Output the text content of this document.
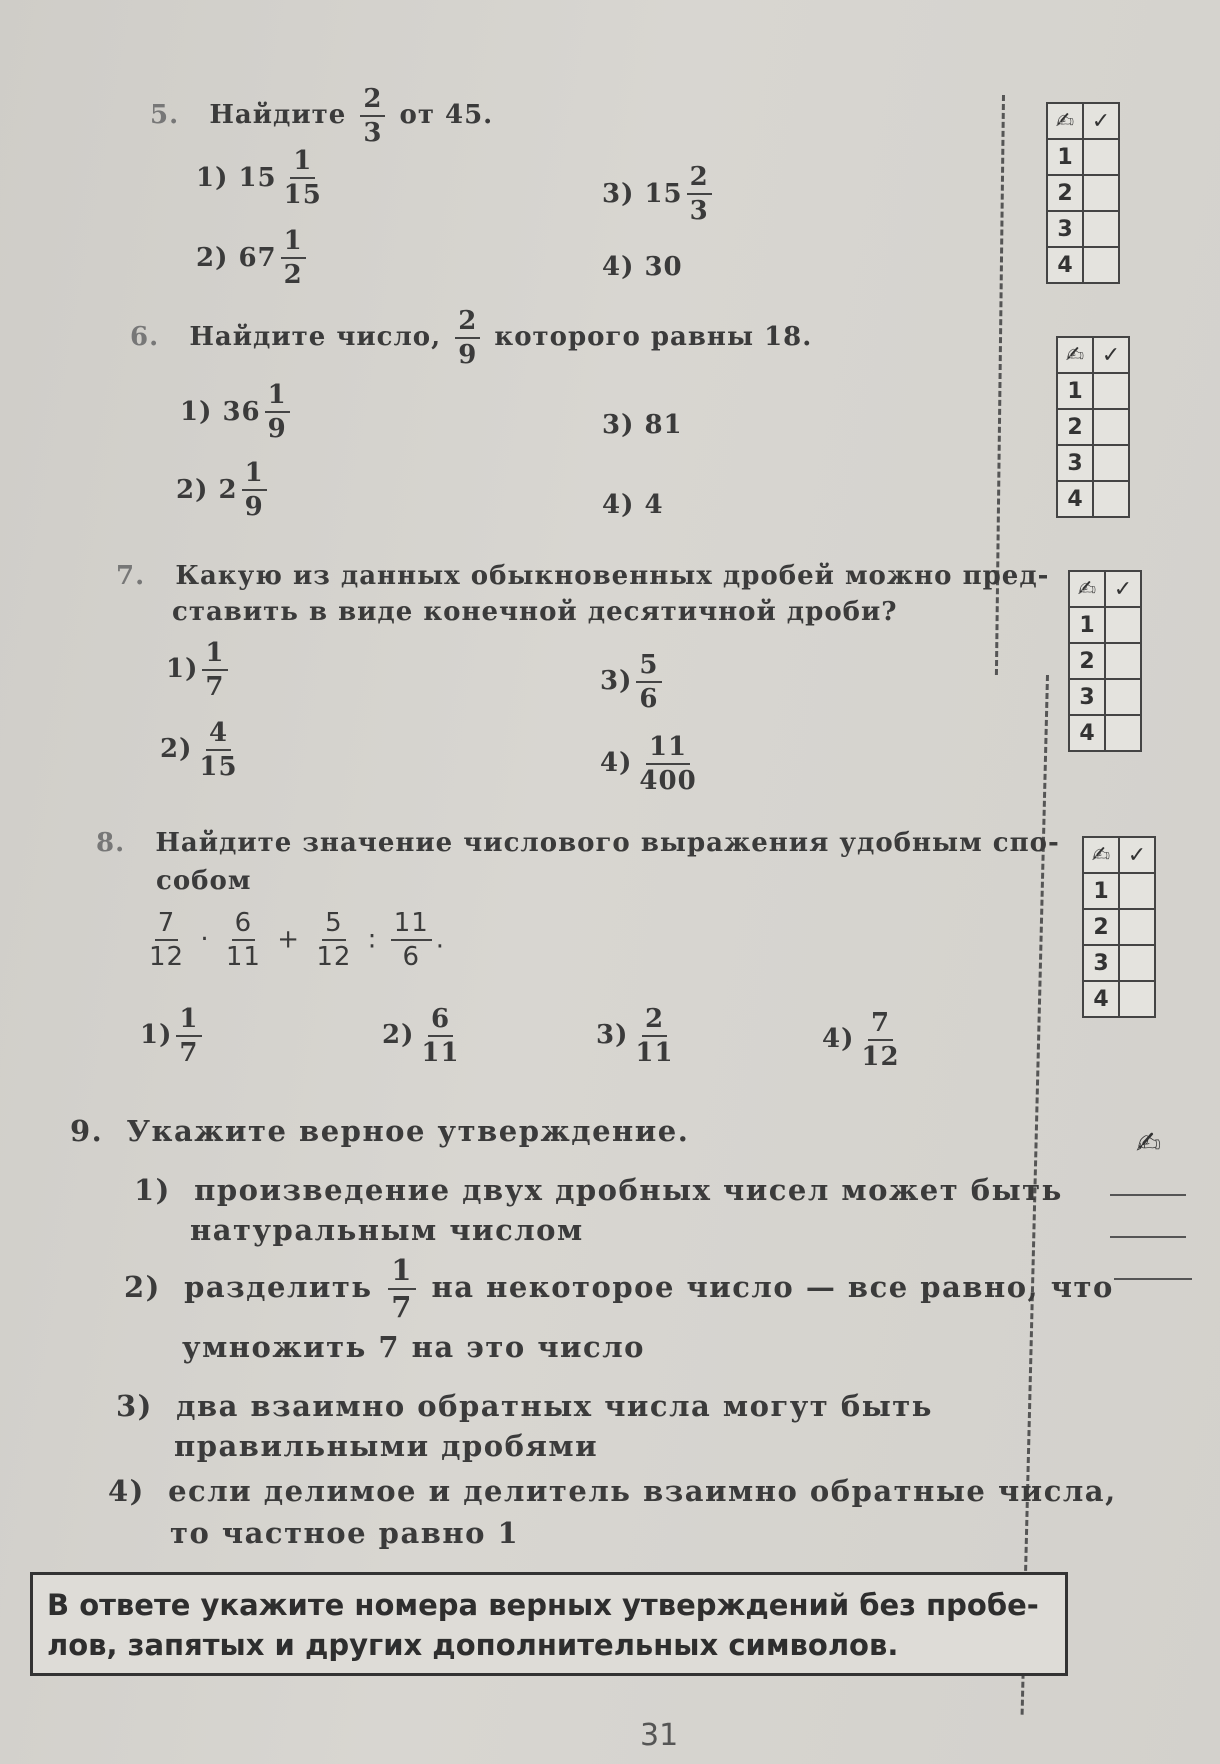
5. Найдите $\frac{2}{3}$ от 45.
1) $15 \frac{1}{15}$
2) $67 \frac{1}{2}$
3) $15 \frac{2}{3}$
4) 30
6. Найдите число, $\frac{2}{9}$ которого равны 18.
1) $36 \frac{1}{9}$
2) $2 \frac{1}{9}$
3) 81
4) 4
7. Какую из данных обыкновенных дробей можно пред-
ставить в виде конечной десятичной дроби?
$1) \frac{1}{7}$
$2) \frac{4}{15}$
$3) \frac{5}{6}$
$4) \frac{11}{400}$
8. Найдите значение числового выражения удобным спо-
собом
$\frac{7}{12} \cdot \frac{6}{11} + \frac{5}{12}$ : $\frac{11}{6}$ .
$1) \frac{1}{7}$	$2) \frac{6}{11}$	$3) \frac{2}{11}$	$4) \frac{7}{12}$
9. Укажите верное утверждение.
1) произведение двух дробных чисел может быть
натуральным числом
2) разделить $\frac{1}{7}$ на некоторое число — все равно, что
умножить 7 на это число
3) два взаимно обратных числа могут быть
правильными дробями
4) если делимое и делитель взаимно обратные числа,
то частное равно 1
В ответе укажите номера верных утверждений без пробе-
лов, запятых и других дополнительных символов.
✍ ✓
1
2
3
4
✍ ✓
1
2
3
4
✍ ✓
1
2
3
4
✍ ✓
1
2
3
4
✍
31
